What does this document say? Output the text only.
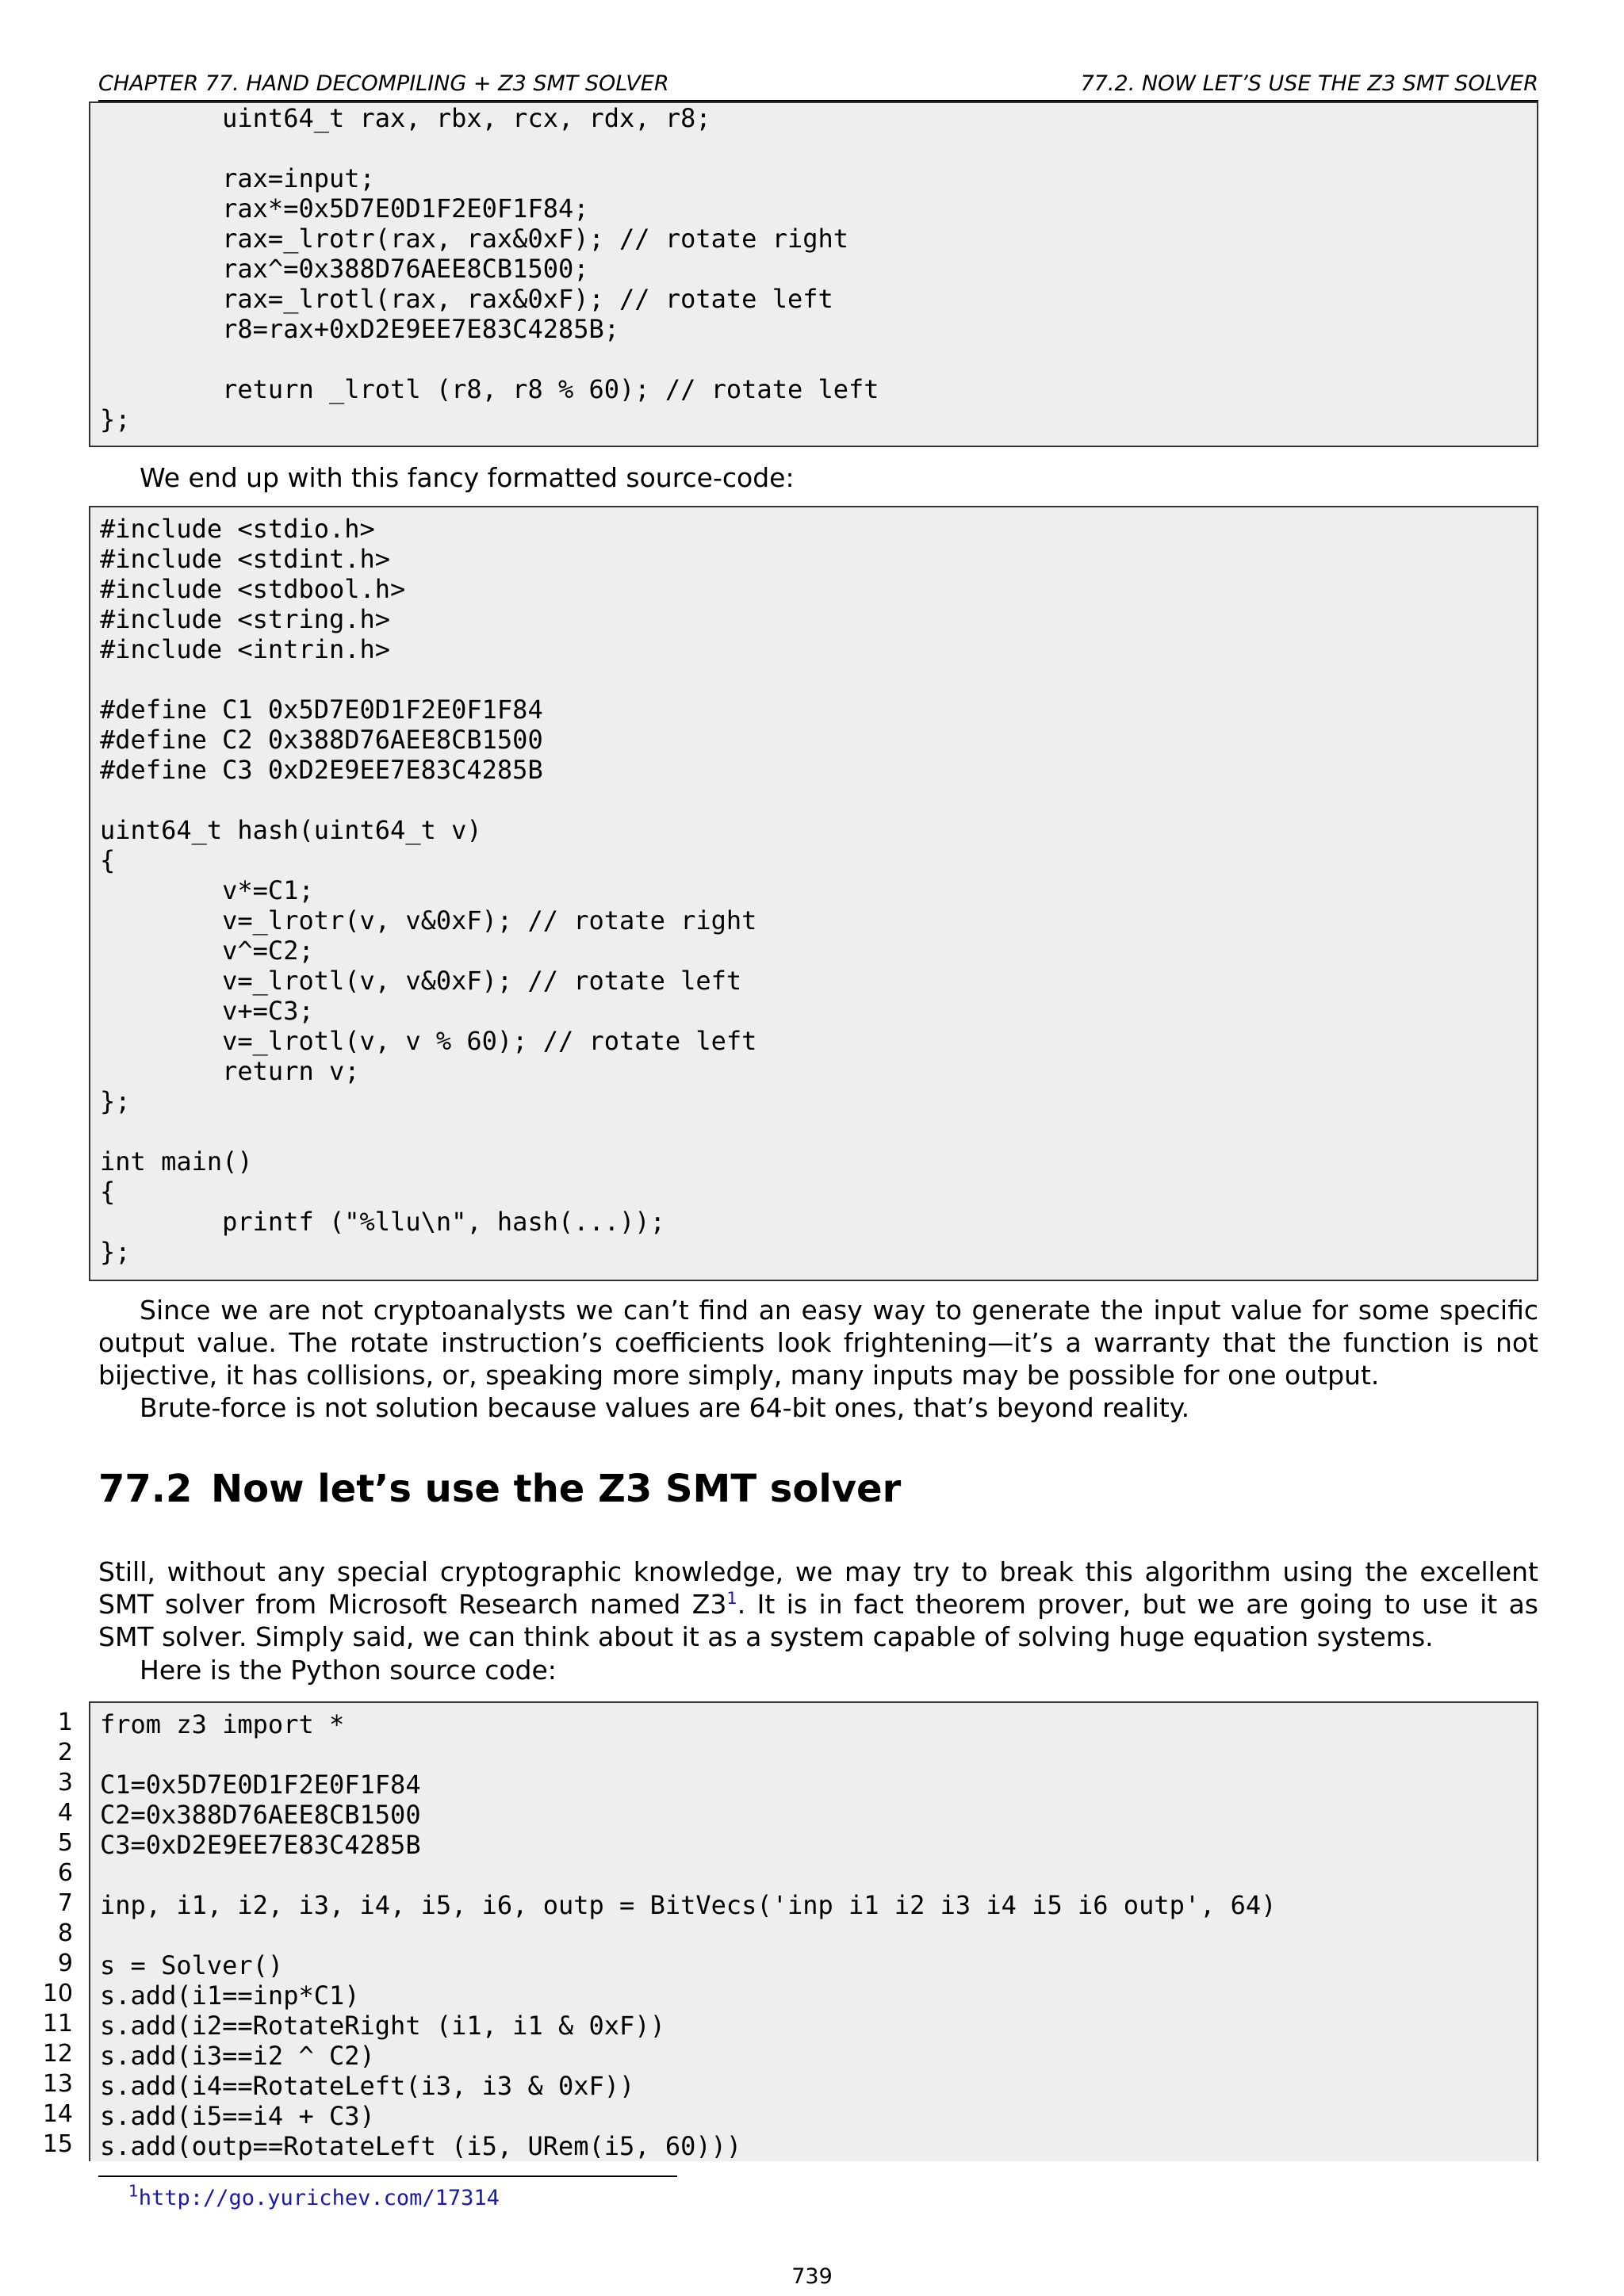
CHAPTER 77. HAND DECOMPILING + Z3 SMT SOLVER	77.2. NOW LET’S USE THE Z3 SMT SOLVER
uint64_t rax, rbx, rcx, rdx, r8;

rax=input;
rax*=0x5D7E0D1F2E0F1F84;
rax=_lrotr(rax, rax&0xF); // rotate right
rax^=0x388D76AEE8CB1500;
rax=_lrotl(rax, rax&0xF); // rotate left
r8=rax+0xD2E9EE7E83C4285B;

return _lrotl (r8, r8 % 60); // rotate left
};

We end up with this fancy formatted source-code:

#include <stdio.h>
#include <stdint.h>
#include <stdbool.h>
#include <string.h>
#include <intrin.h>

#define C1 0x5D7E0D1F2E0F1F84
#define C2 0x388D76AEE8CB1500
#define C3 0xD2E9EE7E83C4285B

uint64_t hash(uint64_t v)
{
v*=C1;
v=_lrotr(v, v&0xF); // rotate right
v^=C2;
v=_lrotl(v, v&0xF); // rotate left
v+=C3;
v=_lrotl(v, v % 60); // rotate left
return v;
};

int main()
{
printf ("%llu\n", hash(...));
};

Since we are not cryptoanalysts we can’t find an easy way to generate the input value for some specific output value. The rotate instruction’s coefficients look frightening—it’s a warranty that the function is not bijective, it has collisions, or, speaking more simply, many inputs may be possible for one output.

Brute-force is not solution because values are 64-bit ones, that’s beyond reality.

77.2 Now let’s use the Z3 SMT solver

Still, without any special cryptographic knowledge, we may try to break this algorithm using the excellent SMT solver from Microsoft Research named $Z3^1$. It is in fact theorem prover, but we are going to use it as SMT solver. Simply said, we can think about it as a system capable of solving huge equation systems.

Here is the Python source code:

1
2
3
4
5
6
7
8
9
10
11
12
13
14
15
from z3 import *

C1=0x5D7E0D1F2E0F1F84
C2=0x388D76AEE8CB1500
C3=0xD2E9EE7E83C4285B

inp, i1, i2, i3, i4, i5, i6, outp = BitVecs('inp i1 i2 i3 i4 i5 i6 outp', 64)

s = Solver()
s.add(i1==inp*C1)
s.add(i2==RotateRight (i1, i1 & 0xF))
s.add(i3==i2 ^ C2)
s.add(i4==RotateLeft(i3, i3 & 0xF))
s.add(i5==i4 + C3)
s.add(outp==RotateLeft (i5, URem(i5, 60)))
$^1$http://go.yurichev.com/17314
739
